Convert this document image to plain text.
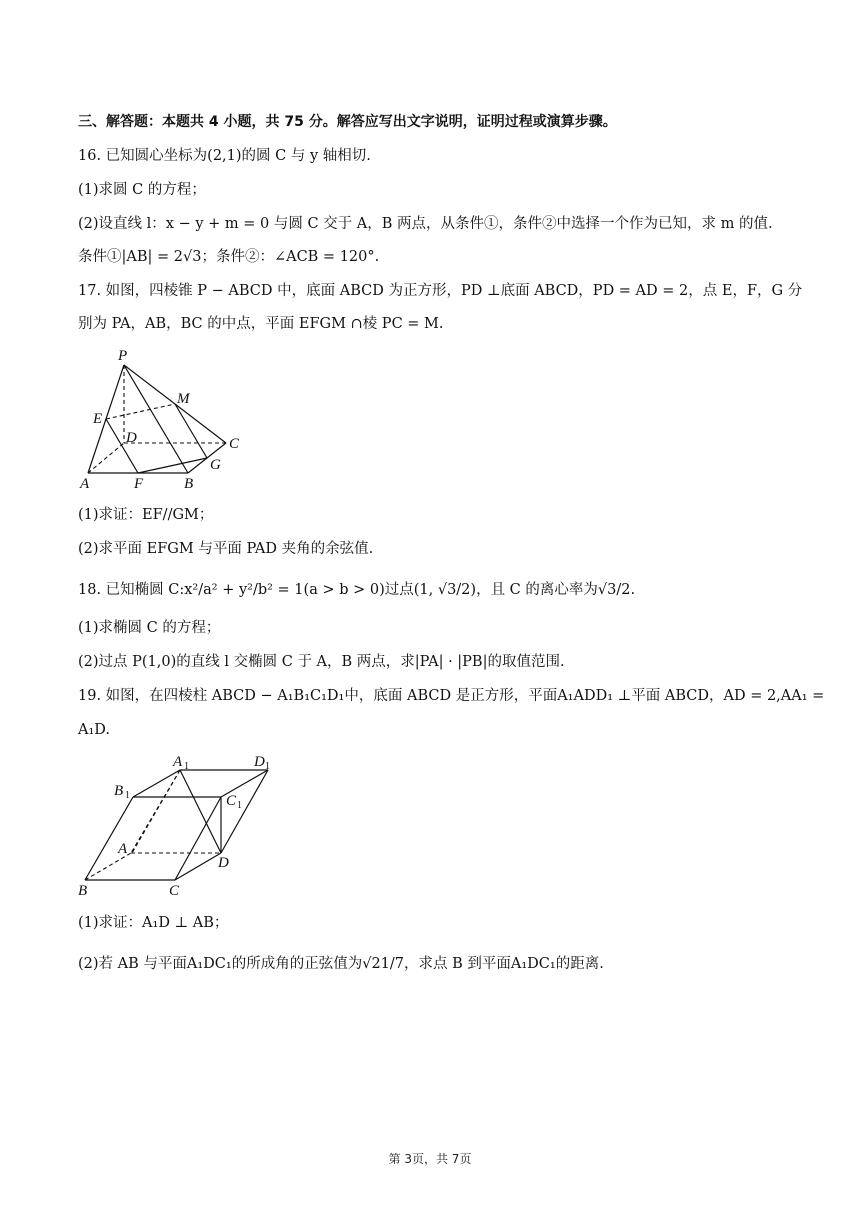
三、解答题：本题共 4 小题，共 75 分。解答应写出文字说明，证明过程或演算步骤。
16. 已知圆心坐标为(2,1)的圆 C 与 y 轴相切.
(1)求圆 C 的方程；
(2)设直线 l：x − y + m = 0 与圆 C 交于 A，B 两点，从条件①，条件②中选择一个作为已知，求 m 的值.
条件①|AB| = 2√3；条件②：∠ACB = 120°.
17. 如图，四棱锥 P − ABCD 中，底面 ABCD 为正方形，PD ⊥底面 ABCD，PD = AD = 2，点 E，F，G 分
别为 PA，AB，BC 的中点，平面 EFGM ∩棱 PC = M.
P
M
E
D	C
G
A	F	B
(1)求证：EF//GM；
(2)求平面 EFGM 与平面 PAD 夹角的余弦值.
18. 已知椭圆 C:x²/a² + y²/b² = 1(a > b > 0)过点(1, √3/2)，且 C 的离心率为√3/2.
(1)求椭圆 C 的方程；
(2)过点 P(1,0)的直线 l 交椭圆 C 于 A，B 两点，求|PA| · |PB|的取值范围.
19. 如图，在四棱柱 ABCD − A₁B₁C₁D₁中，底面 ABCD 是正方形，平面A₁ADD₁ ⊥平面 ABCD，AD = 2,AA₁ =
A₁D.
A 1	D 1
B 1	C 1
A
D
B	C
(1)求证：A₁D ⊥ AB；
(2)若 AB 与平面A₁DC₁的所成角的正弦值为√21/7，求点 B 到平面A₁DC₁的距离.
第 3页，共 7页
